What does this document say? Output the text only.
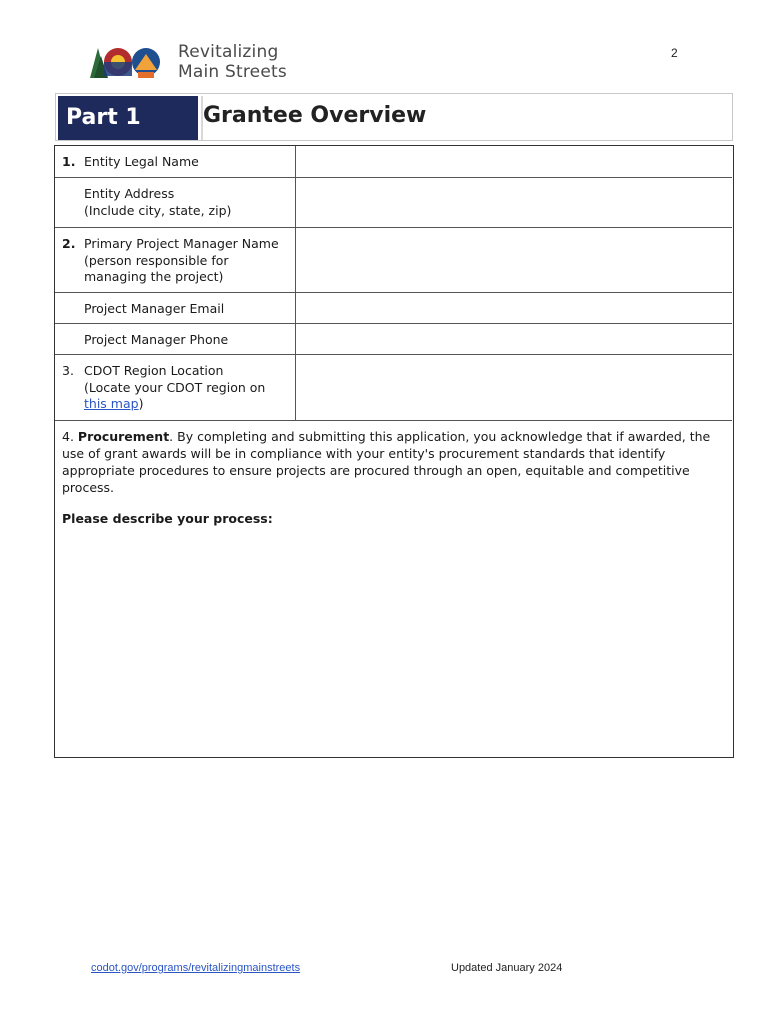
Revitalizing
Main Streets
2
Part 1	Grantee Overview
1. Entity Legal Name
Entity Address
(Include city, state, zip)
2. Primary Project Manager Name
(person responsible for
managing the project)
Project Manager Email
Project Manager Phone
3. CDOT Region Location
(Locate your CDOT region on
this map)
4. Procurement. By completing and submitting this application, you acknowledge that if awarded, the use of grant awards will be in compliance with your entity's procurement standards that identify appropriate procedures to ensure projects are procured through an open, equitable and competitive process.
Please describe your process:
codot.gov/programs/revitalizingmainstreets	Updated January 2024
